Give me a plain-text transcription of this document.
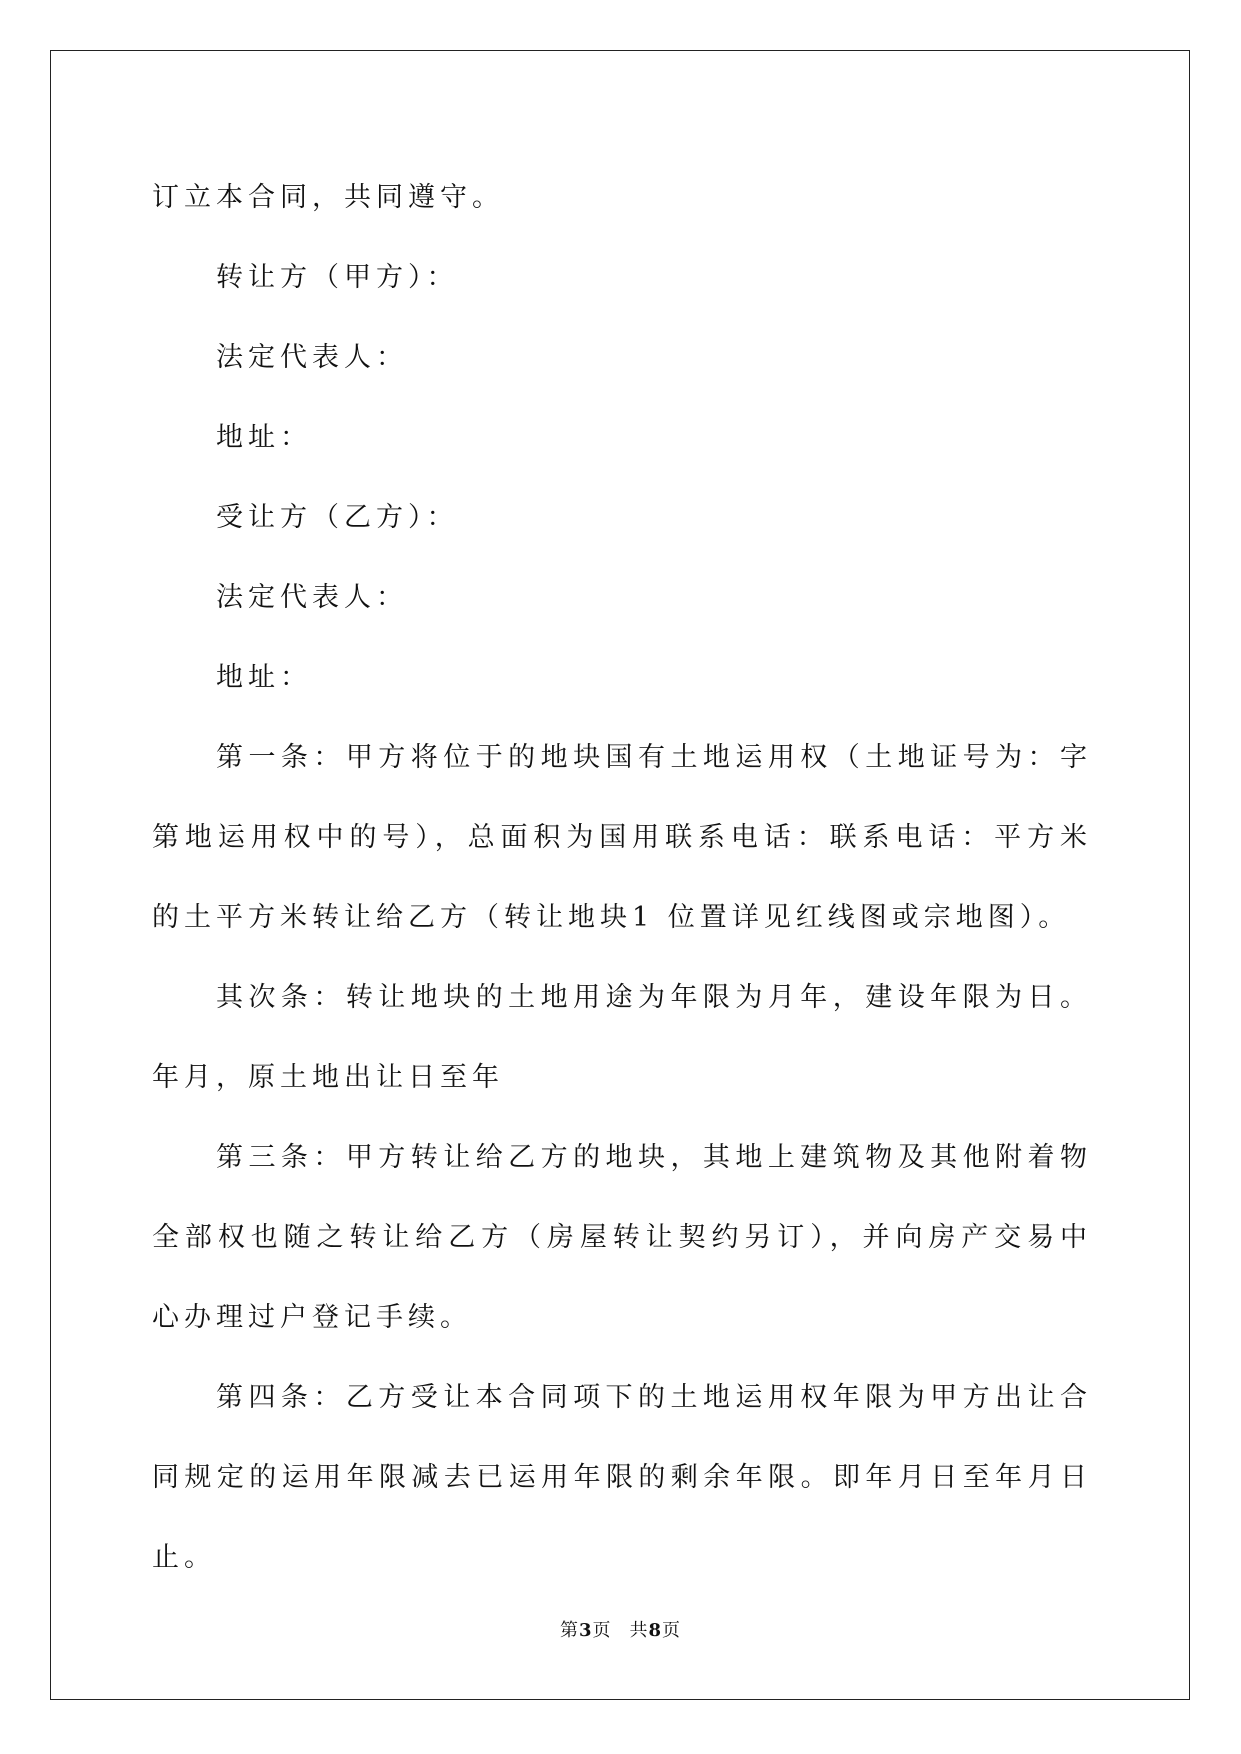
订立本合同，共同遵守。

转让方（甲方）：

法定代表人：

地址：

受让方（乙方）：

法定代表人：

地址：

第一条：甲方将位于的地块国有土地运用权（土地证号为：字第地运用权中的号），总面积为国用联系电话：联系电话：平方米的土平方米转让给乙方（转让地块1 位置详见红线图或宗地图）。

其次条：转让地块的土地用途为年限为月年，建设年限为日。年月，原土地出让日至年

第三条：甲方转让给乙方的地块，其地上建筑物及其他附着物全部权也随之转让给乙方（房屋转让契约另订），并向房产交易中心办理过户登记手续。

第四条：乙方受让本合同项下的土地运用权年限为甲方出让合同规定的运用年限减去已运用年限的剩余年限。即年月日至年月日止。

第3页 共8页
